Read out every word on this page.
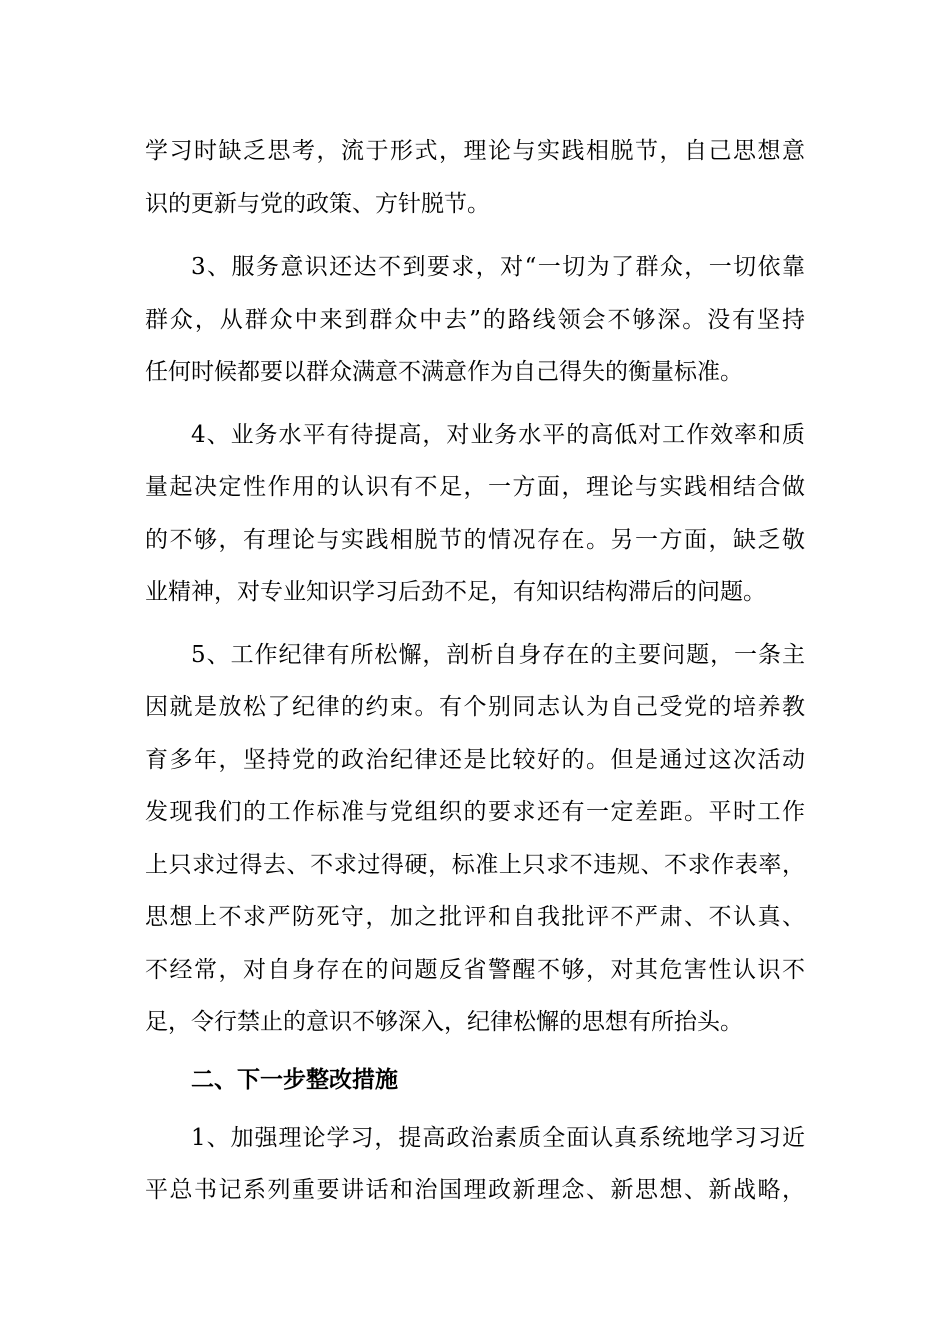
学习时缺乏思考，流于形式，理论与实践相脱节，自己思想意
识的更新与党的政策、方针脱节。
3、服务意识还达不到要求，对“一切为了群众，一切依靠
群众，从群众中来到群众中去”的路线领会不够深。没有坚持
任何时候都要以群众满意不满意作为自己得失的衡量标准。
4、业务水平有待提高，对业务水平的高低对工作效率和质
量起决定性作用的认识有不足，一方面，理论与实践相结合做
的不够，有理论与实践相脱节的情况存在。另一方面，缺乏敬
业精神，对专业知识学习后劲不足，有知识结构滞后的问题。
5、工作纪律有所松懈，剖析自身存在的主要问题，一条主
因就是放松了纪律的约束。有个别同志认为自己受党的培养教
育多年，坚持党的政治纪律还是比较好的。但是通过这次活动
发现我们的工作标准与党组织的要求还有一定差距。平时工作
上只求过得去、不求过得硬，标准上只求不违规、不求作表率，
思想上不求严防死守，加之批评和自我批评不严肃、不认真、
不经常，对自身存在的问题反省警醒不够，对其危害性认识不
足，令行禁止的意识不够深入，纪律松懈的思想有所抬头。
二、下一步整改措施
1、加强理论学习，提高政治素质全面认真系统地学习习近
平总书记系列重要讲话和治国理政新理念、新思想、新战略，
